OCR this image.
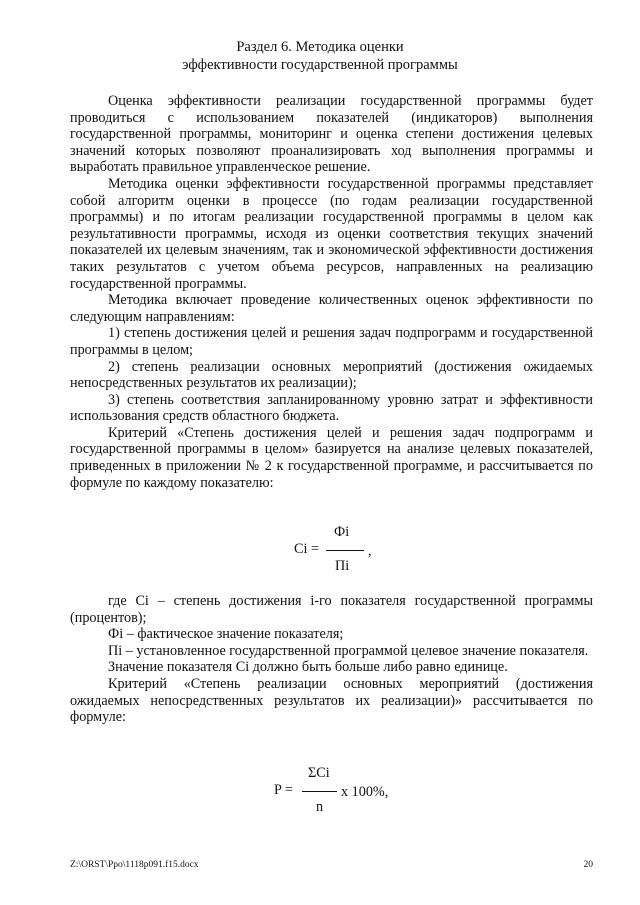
Раздел 6. Методика оценки
эффективности государственной программы

Оценка эффективности реализации государственной программы будет проводиться с использованием показателей (индикаторов) выполнения государственной программы, мониторинг и оценка степени достижения целевых значений которых позволяют проанализировать ход выполнения программы и выработать правильное управленческое решение.

Методика оценки эффективности государственной программы представляет собой алгоритм оценки в процессе (по годам реализации государственной программы) и по итогам реализации государственной программы в целом как результативности программы, исходя из оценки соответствия текущих значений показателей их целевым значениям, так и экономической эффективности достижения таких результатов с учетом объема ресурсов, направленных на реализацию государственной программы.

Методика включает проведение количественных оценок эффективности по следующим направлениям:

1) степень достижения целей и решения задач подпрограмм и государственной программы в целом;

2) степень реализации основных мероприятий (достижения ожидаемых непосредственных результатов их реализации);

3) степень соответствия запланированному уровню затрат и эффективности использования средств областного бюджета.

Критерий «Степень достижения целей и решения задач подпрограмм и государственной программы в целом» базируется на анализе целевых показателей, приведенных в приложении № 2 к государственной программе, и рассчитывается по формуле по каждому показателю:

Фi
Ci =	,
Пi

где Ci – степень достижения i-го показателя государственной программы (процентов);

Фi – фактическое значение показателя;

Пi – установленное государственной программой целевое значение показателя.

Значение показателя Ci должно быть больше либо равно единице.

Критерий «Степень реализации основных мероприятий (достижения ожидаемых непосредственных результатов их реализации)» рассчитывается по формуле:

ΣCi
P =	x 100%,
n
Z:\ORST\Ppo\1118p091.f15.docx	20
